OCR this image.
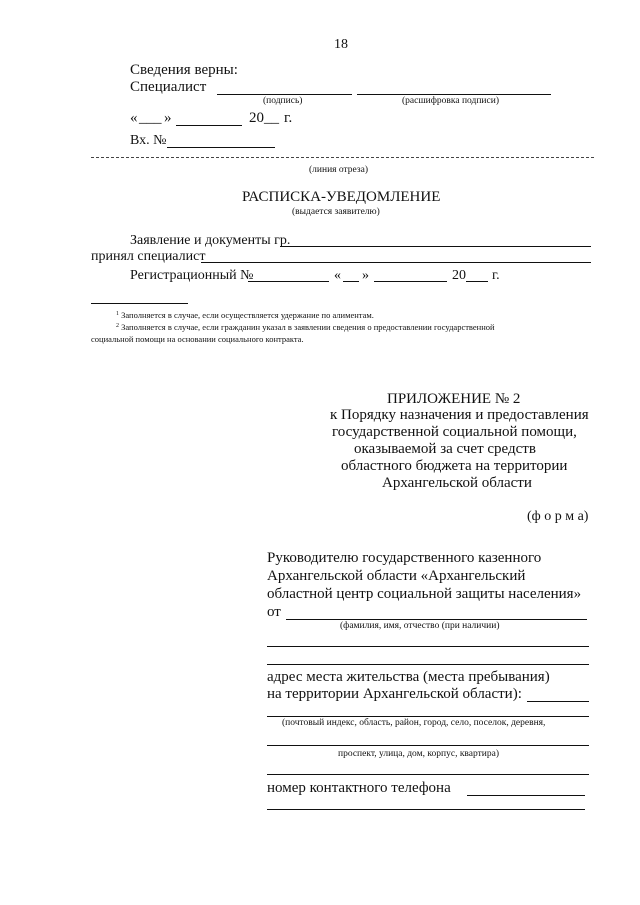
18
Сведения верны:
Специалист
(подпись)	(расшифровка подписи)
« ___ »	20 __ г.
Вх. №
(линия отреза)
РАСПИСКА-УВЕДОМЛЕНИЕ
(выдается заявителю)
Заявление и документы гр.
принял специалист
Регистрационный №	« »	20 г.
$^1$ Заполняется в случае, если осуществляется удержание по алиментам.
$^2$ Заполняется в случае, если гражданин указал в заявлении сведения о предоставлении государственной
социальной помощи на основании социального контракта.
ПРИЛОЖЕНИЕ № 2
к Порядку назначения и предоставления
государственной социальной помощи,
оказываемой за счет средств
областного бюджета на территории
Архангельской области
(ф о р м а)
Руководителю государственного казенного
Архангельской области «Архангельский
областной центр социальной защиты населения»
от
(фамилия, имя, отчество (при наличии)
адрес места жительства (места пребывания)
на территории Архангельской области):
(почтовый индекс, область, район, город, село, поселок, деревня,
проспект, улица, дом, корпус, квартира)
номер контактного телефона
